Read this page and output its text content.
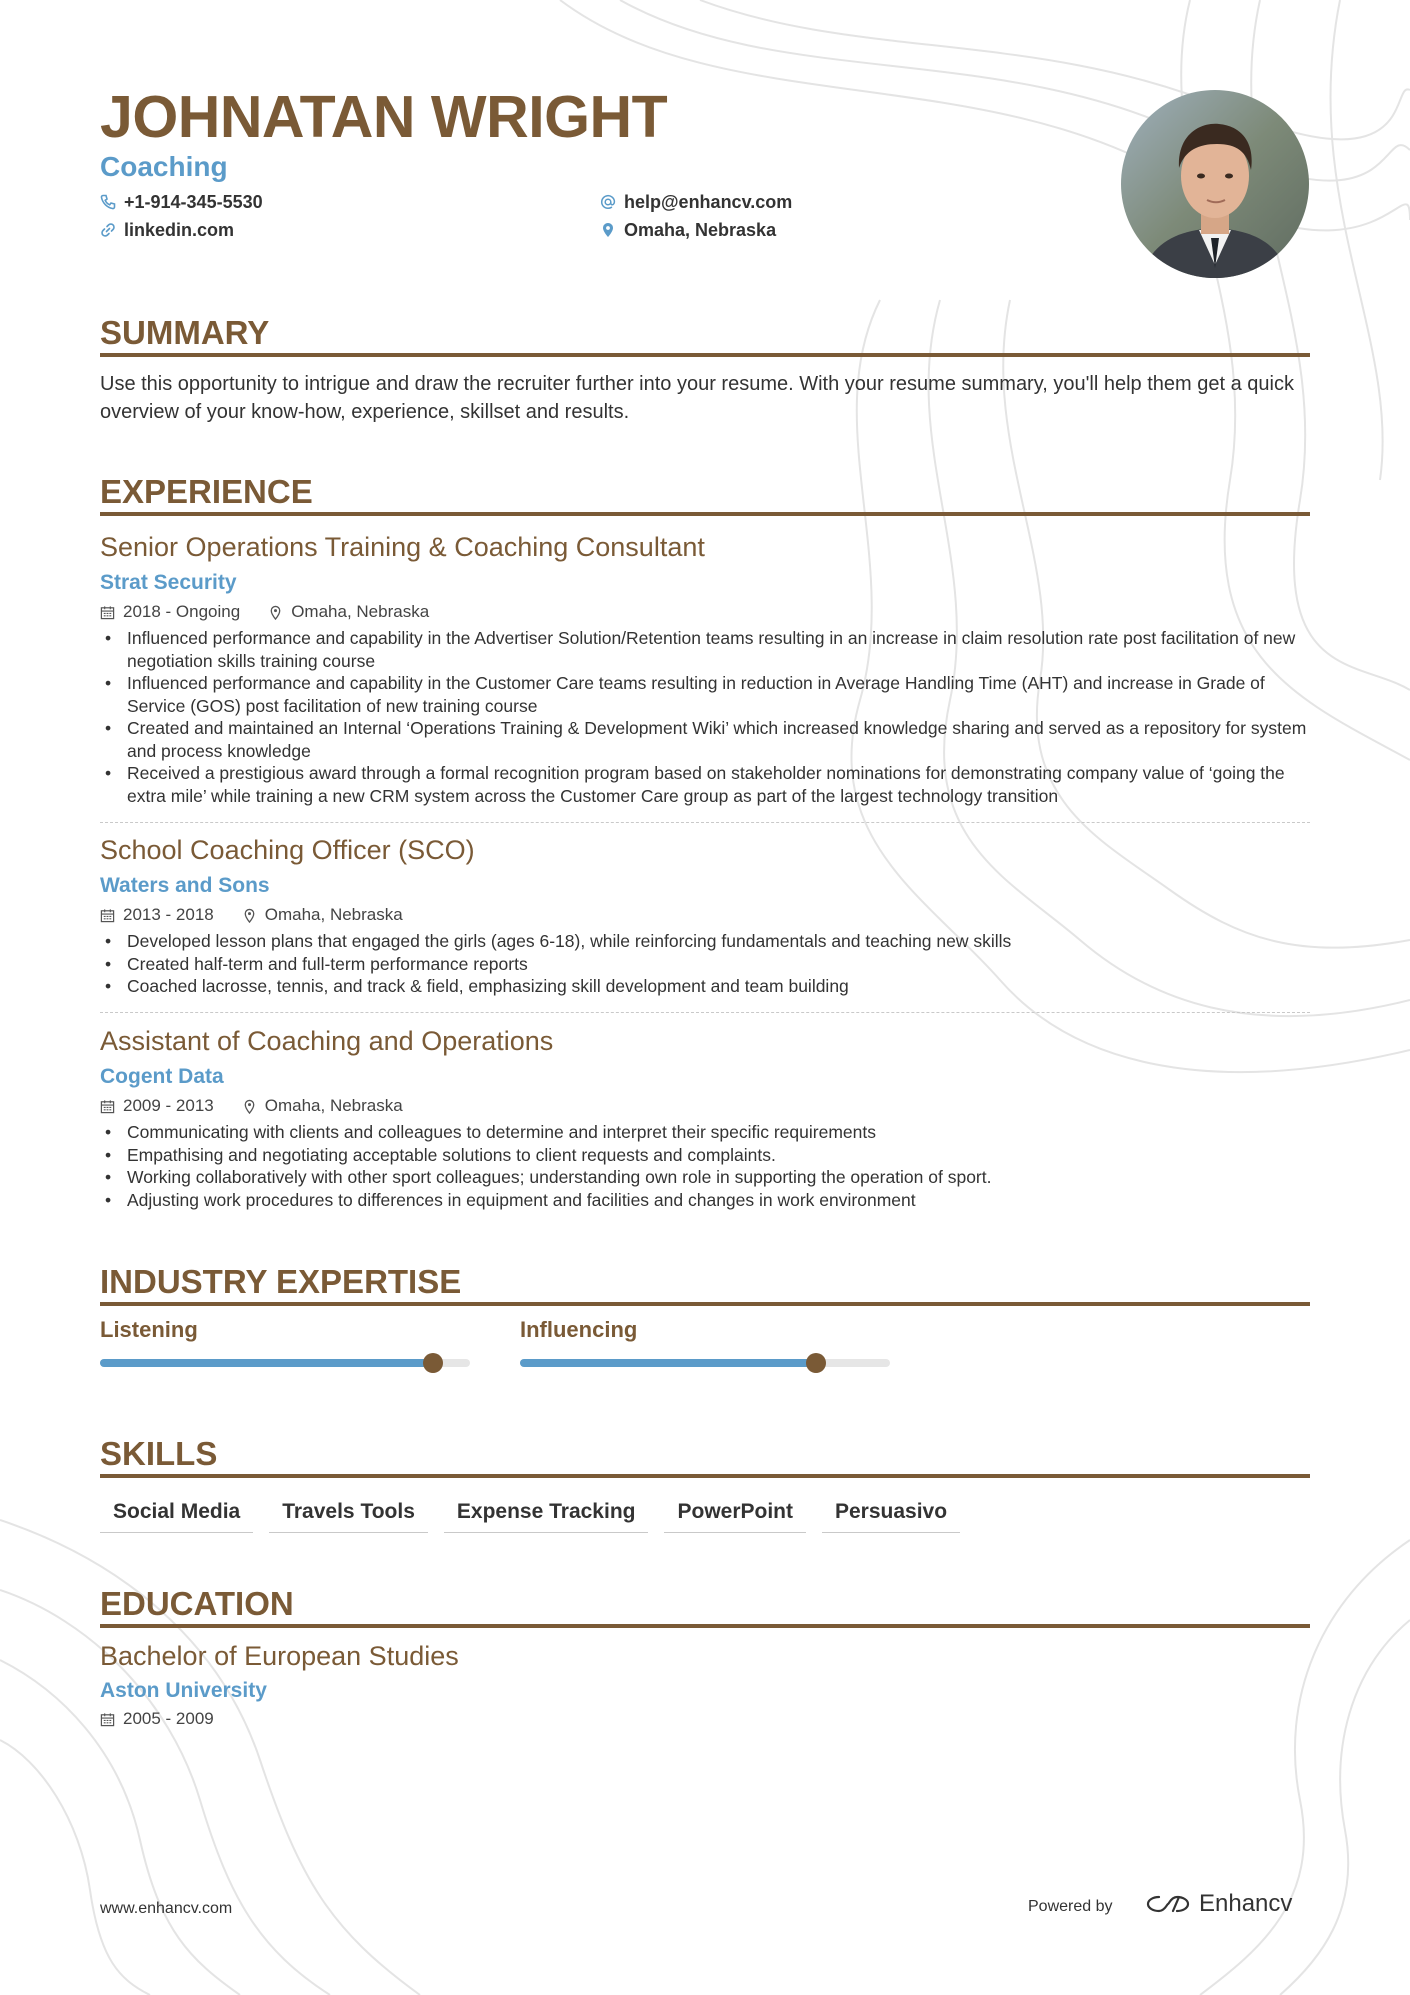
JOHNATAN WRIGHT
Coaching
+1-914-345-5530
linkedin.com
help@enhancv.com
Omaha, Nebraska
SUMMARY
Use this opportunity to intrigue and draw the recruiter further into your resume. With your resume summary, you'll help them get a quick overview of your know-how, experience, skillset and results.
EXPERIENCE
Senior Operations Training & Coaching Consultant
Strat Security
2018 - Ongoing	Omaha, Nebraska
• Influenced performance and capability in the Advertiser Solution/Retention teams resulting in an increase in claim resolution rate post facilitation of new negotiation skills training course
• Influenced performance and capability in the Customer Care teams resulting in reduction in Average Handling Time (AHT) and increase in Grade of Service (GOS) post facilitation of new training course
• Created and maintained an Internal ‘Operations Training & Development Wiki’ which increased knowledge sharing and served as a repository for system and process knowledge
• Received a prestigious award through a formal recognition program based on stakeholder nominations for demonstrating company value of ‘going the extra mile’ while training a new CRM system across the Customer Care group as part of the largest technology transition
School Coaching Officer (SCO)
Waters and Sons
2013 - 2018	Omaha, Nebraska
• Developed lesson plans that engaged the girls (ages 6-18), while reinforcing fundamentals and teaching new skills
• Created half-term and full-term performance reports
• Coached lacrosse, tennis, and track & field, emphasizing skill development and team building
Assistant of Coaching and Operations
Cogent Data
2009 - 2013	Omaha, Nebraska
• Communicating with clients and colleagues to determine and interpret their specific requirements
• Empathising and negotiating acceptable solutions to client requests and complaints.
• Working collaboratively with other sport colleagues; understanding own role in supporting the operation of sport.
• Adjusting work procedures to differences in equipment and facilities and changes in work environment
INDUSTRY EXPERTISE
Listening	Influencing
SKILLS
Social Media	Travels Tools	Expense Tracking	PowerPoint	Persuasivo
EDUCATION
Bachelor of European Studies
Aston University
2005 - 2009
www.enhancv.com	Powered by	Enhancv
